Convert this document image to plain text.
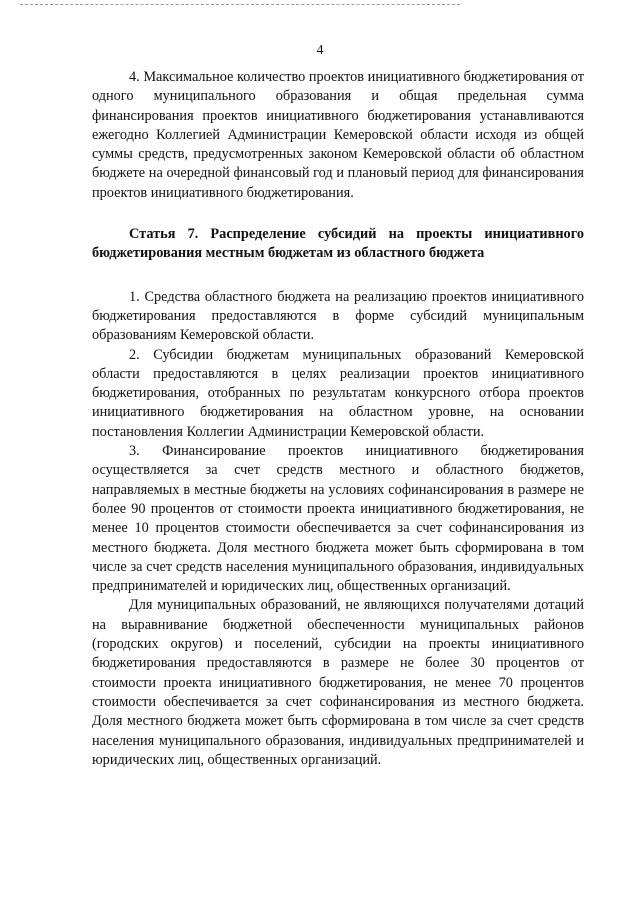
4

4. Максимальное количество проектов инициативного бюджетирования от одного муниципального образования и общая предельная сумма финансирования проектов инициативного бюджетирования устанавливаются ежегодно Коллегией Администрации Кемеровской области исходя из общей суммы средств, предусмотренных законом Кемеровской области об областном бюджете на очередной финансовый год и плановый период для финансирования проектов инициативного бюджетирования.

Статья 7. Распределение субсидий на проекты инициативного бюджетирования местным бюджетам из областного бюджета

1. Средства областного бюджета на реализацию проектов инициативного бюджетирования предоставляются в форме субсидий муниципальным образованиям Кемеровской области.

2. Субсидии бюджетам муниципальных образований Кемеровской области предоставляются в целях реализации проектов инициативного бюджетирования, отобранных по результатам конкурсного отбора проектов инициативного бюджетирования на областном уровне, на основании постановления Коллегии Администрации Кемеровской области.

3. Финансирование проектов инициативного бюджетирования осуществляется за счет средств местного и областного бюджетов, направляемых в местные бюджеты на условиях софинансирования в размере не более 90 процентов от стоимости проекта инициативного бюджетирования, не менее 10 процентов стоимости обеспечивается за счет софинансирования из местного бюджета. Доля местного бюджета может быть сформирована в том числе за счет средств населения муниципального образования, индивидуальных предпринимателей и юридических лиц, общественных организаций.

Для муниципальных образований, не являющихся получателями дотаций на выравнивание бюджетной обеспеченности муниципальных районов (городских округов) и поселений, субсидии на проекты инициативного бюджетирования предоставляются в размере не более 30 процентов от стоимости проекта инициативного бюджетирования, не менее 70 процентов стоимости обеспечивается за счет софинансирования из местного бюджета. Доля местного бюджета может быть сформирована в том числе за счет средств населения муниципального образования, индивидуальных предпринимателей и юридических лиц, общественных организаций.
